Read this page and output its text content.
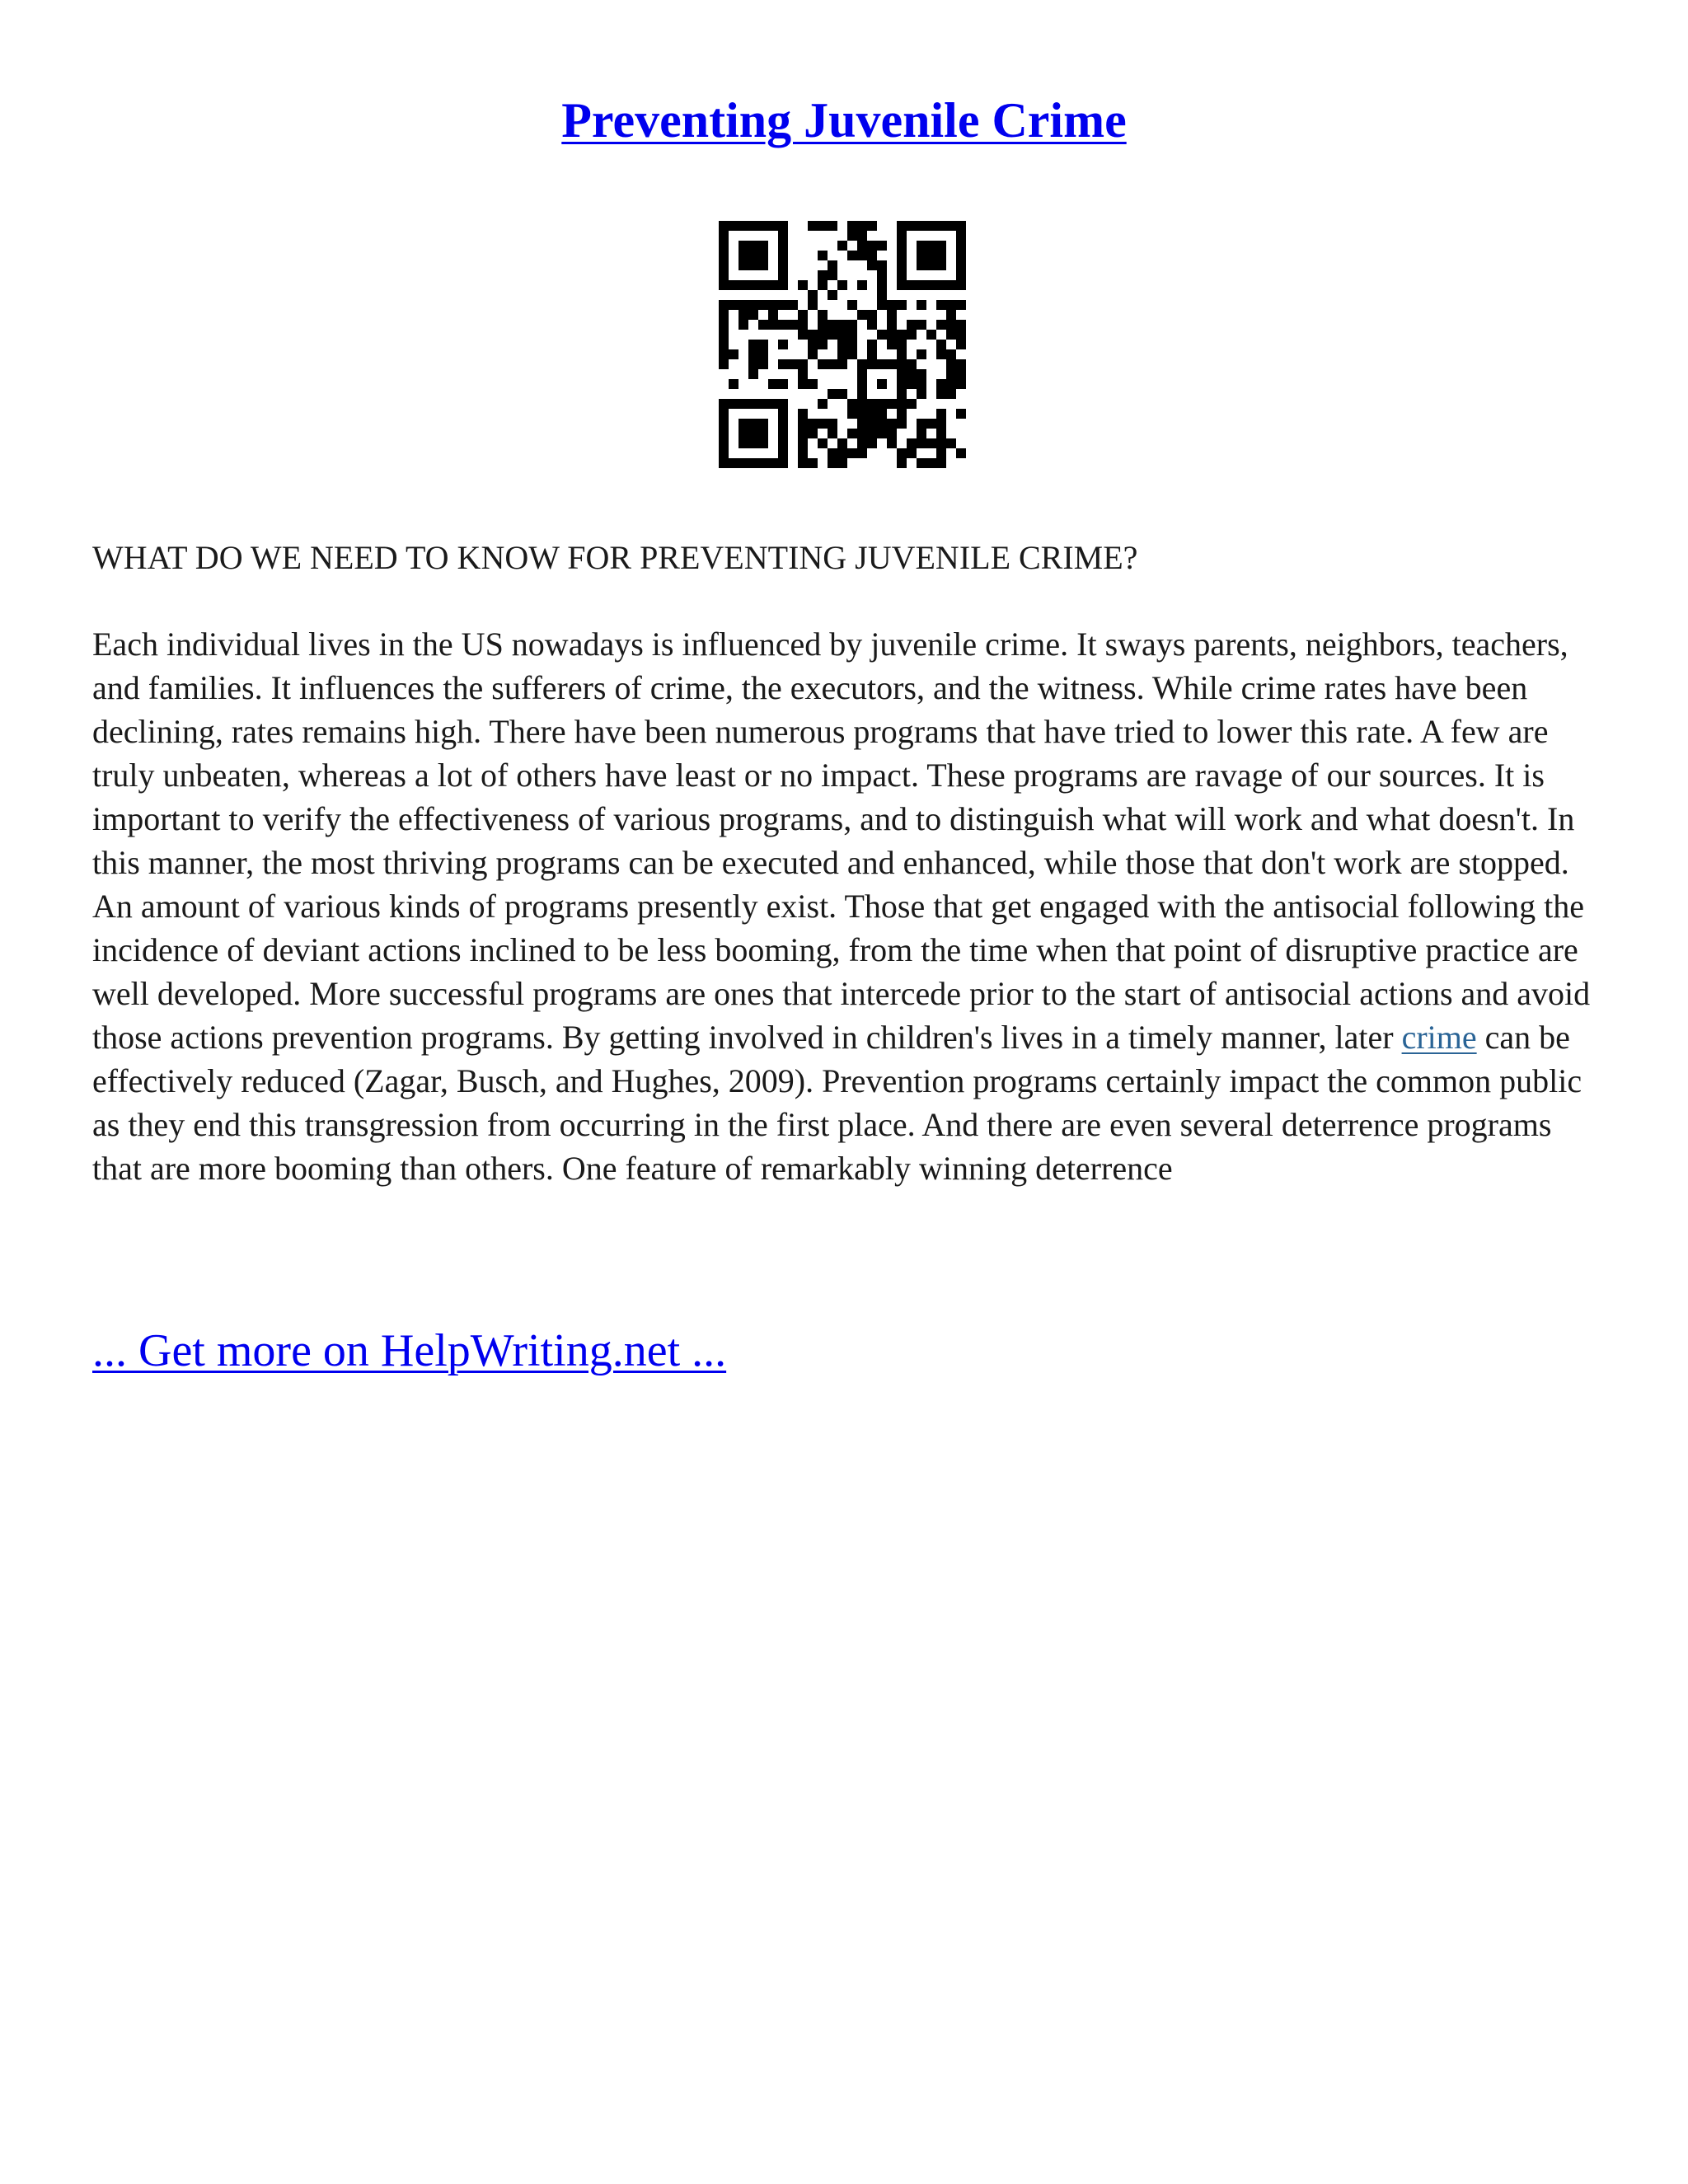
Preventing Juvenile Crime

WHAT DO WE NEED TO KNOW FOR PREVENTING JUVENILE CRIME?

Each individual lives in the US nowadays is influenced by juvenile crime. It sways parents, neighbors, teachers, and families. It influences the sufferers of crime, the executors, and the witness. While crime rates have been declining, rates remains high. There have been numerous programs that have tried to lower this rate. A few are truly unbeaten, whereas a lot of others have least or no impact. These programs are ravage of our sources. It is important to verify the effectiveness of various programs, and to distinguish what will work and what doesn't. In this manner, the most thriving programs can be executed and enhanced, while those that don't work are stopped.

An amount of various kinds of programs presently exist. Those that get engaged with the antisocial following the incidence of deviant actions inclined to be less booming, from the time when that point of disruptive practice are well developed. More successful programs are ones that intercede prior to the start of antisocial actions and avoid those actions prevention programs. By getting involved in children's lives in a timely manner, later crime can be effectively reduced (Zagar, Busch, and Hughes, 2009). Prevention programs certainly impact the common public as they end this transgression from occurring in the first place. And there are even several deterrence programs that are more booming than others. One feature of remarkably winning deterrence

... Get more on HelpWriting.net ...
